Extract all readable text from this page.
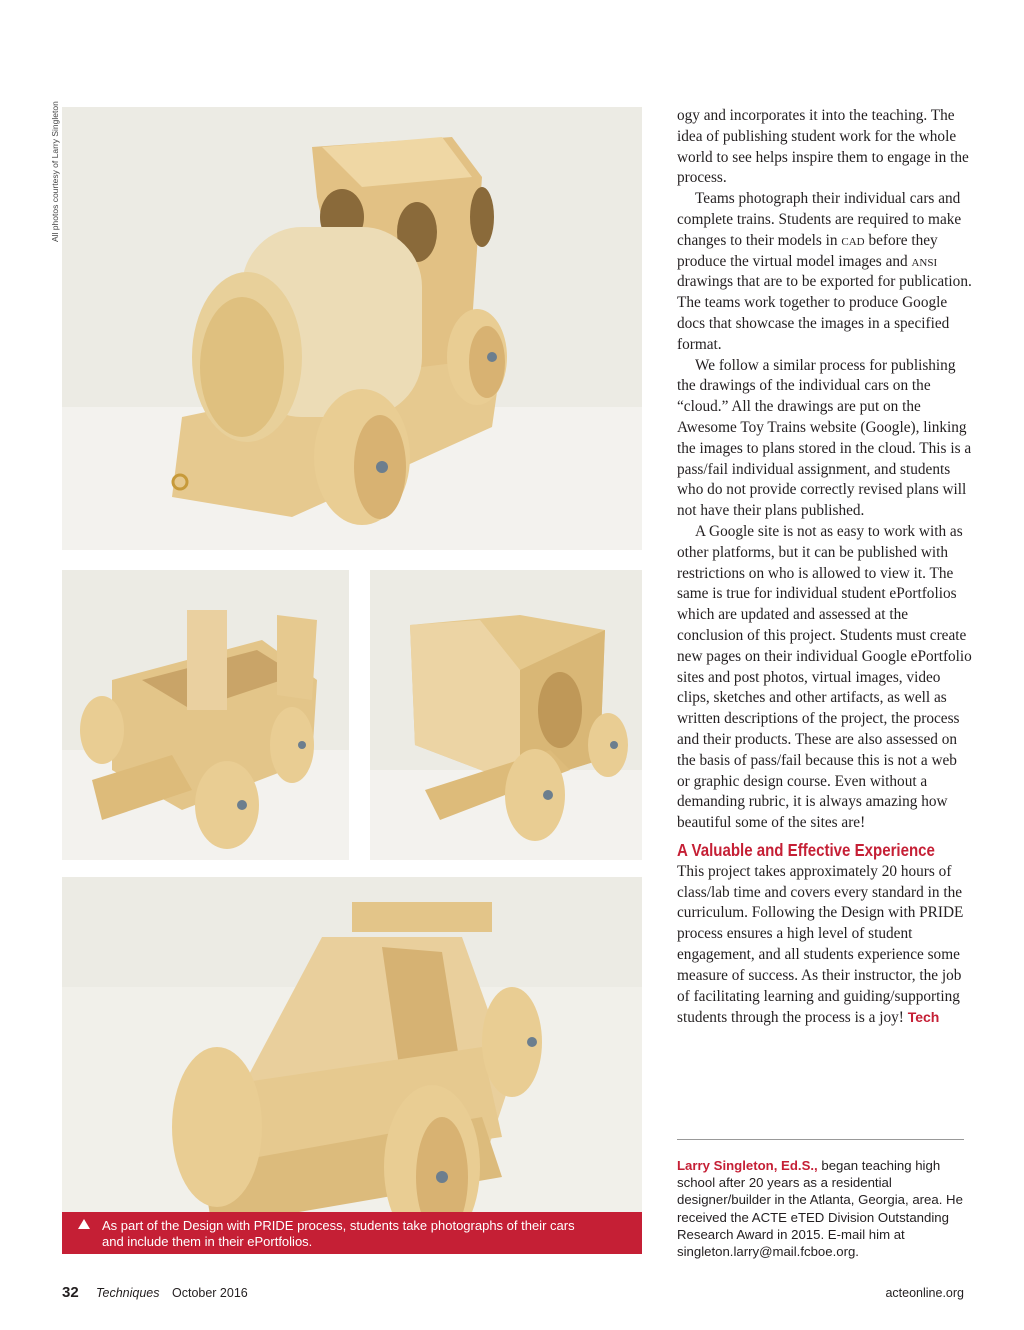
All photos courtesy of Larry Singleton

As part of the Design with PRIDE process, students take photographs of their cars

and include them in their ePortfolios.

ogy and incorporates it into the teaching. The idea of publishing student work for the whole world to see helps inspire them to engage in the process.

Teams photograph their individual cars and complete trains. Students are required to make changes to their models in cad before they produce the virtual model images and ansi drawings that are to be exported for publication. The teams work together to produce Google docs that showcase the images in a specified format.

We follow a similar process for publishing the drawings of the individual cars on the “cloud.” All the drawings are put on the Awesome Toy Trains website (Google), linking the images to plans stored in the cloud. This is a pass/fail individual assignment, and students who do not provide correctly revised plans will not have their plans published.

A Google site is not as easy to work with as other platforms, but it can be published with restrictions on who is allowed to view it. The same is true for individual student ePortfolios which are updated and assessed at the conclusion of this project. Students must create new pages on their individual Google ePortfolio sites and post photos, virtual images, video clips, sketches and other artifacts, as well as written descriptions of the project, the process and their products. These are also assessed on the basis of pass/fail because this is not a web or graphic design course. Even without a demanding rubric, it is always amazing how beautiful some of the sites are!

A Valuable and Effective Experience

This project takes approximately 20 hours of class/lab time and covers every standard in the curriculum. Following the Design with PRIDE process ensures a high level of student engagement, and all students experience some measure of success. As their instructor, the job of facilitating learning and guiding/supporting students through the process is a joy! Tech

Larry Singleton, Ed.S., began teaching high school after 20 years as a residential designer/builder in the Atlanta, Georgia, area. He received the ACTE eTED Division Outstanding Research Award in 2015. E-mail him at singleton.larry@mail.fcboe.org.
32 Techniques October 2016	acteonline.org
